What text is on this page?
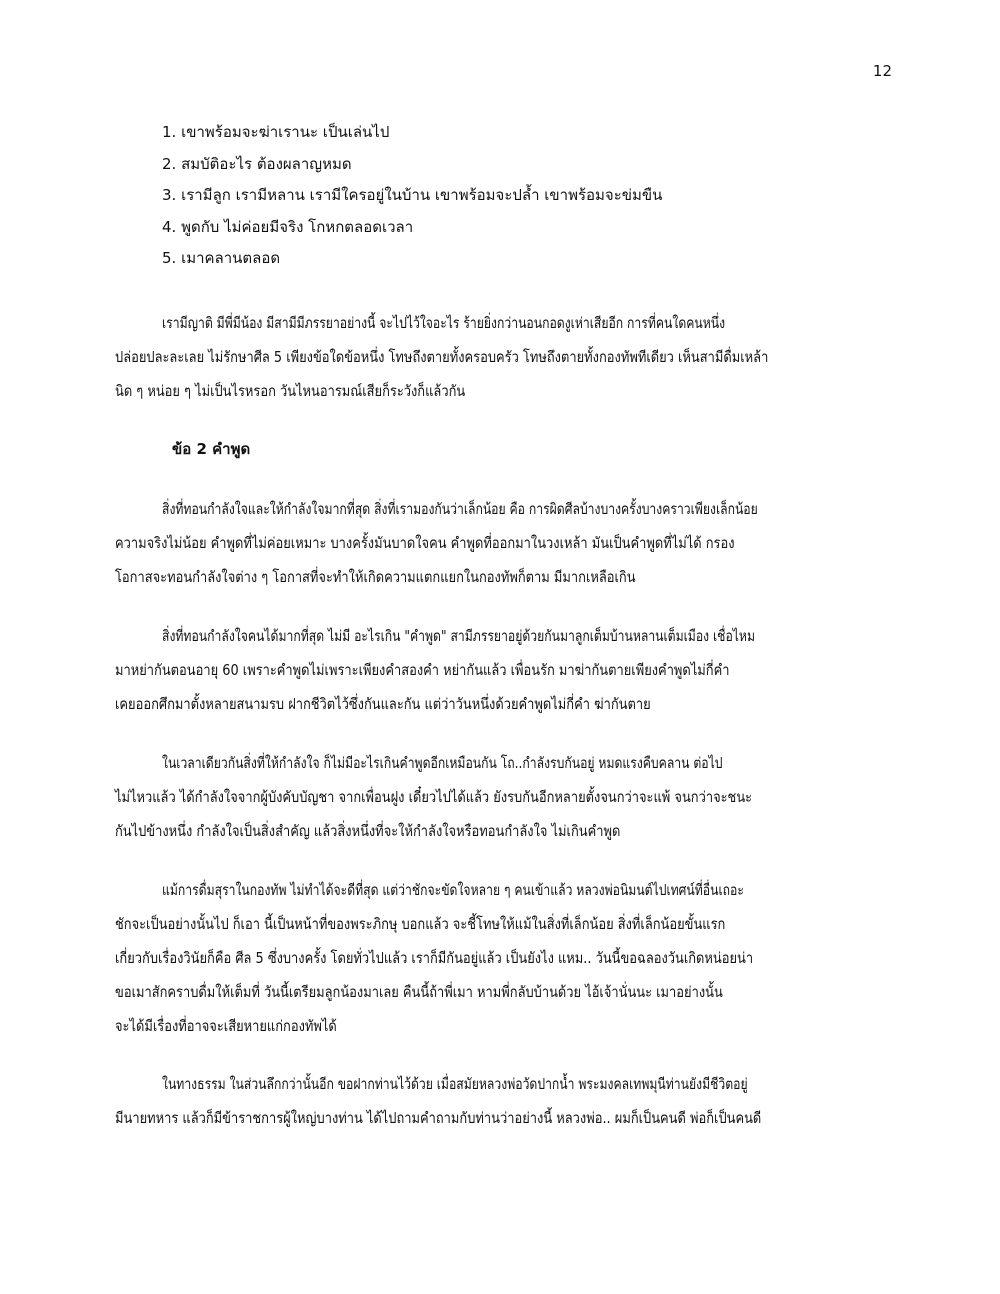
12
1. เขาพร้อมจะฆ่าเรานะ เป็นเล่นไป
2. สมบัติอะไร ต้องผลาญหมด
3. เรามีลูก เรามีหลาน เรามีใครอยู่ในบ้าน เขาพร้อมจะปล้ำ เขาพร้อมจะข่มขืน
4. พูดกับ ไม่ค่อยมีจริง โกหกตลอดเวลา
5. เมาคลานตลอด
เรามีญาติ มีพี่มีน้อง มีสามีมีภรรยาอย่างนี้ จะไปไว้ใจอะไร ร้ายยิ่งกว่านอนกอดงูเห่าเสียอีก การที่คนใดคนหนึ่ง
ปล่อยปละละเลย ไม่รักษาศีล 5 เพียงข้อใดข้อหนึ่ง โทษถึงตายทั้งครอบครัว โทษถึงตายทั้งกองทัพทีเดียว เห็นสามีดื่มเหล้า
นิด ๆ หน่อย ๆ ไม่เป็นไรหรอก วันไหนอารมณ์เสียก็ระวังก็แล้วกัน
ข้อ 2 คำพูด
สิ่งที่ทอนกำลังใจและให้กำลังใจมากที่สุด สิ่งที่เรามองกันว่าเล็กน้อย คือ การผิดศีลบ้างบางครั้งบางคราวเพียงเล็กน้อย
ความจริงไม่น้อย คำพูดที่ไม่ค่อยเหมาะ บางครั้งมันบาดใจคน คำพูดที่ออกมาในวงเหล้า มันเป็นคำพูดที่ไม่ได้ กรอง
โอกาสจะทอนกำลังใจต่าง ๆ โอกาสที่จะทำให้เกิดความแตกแยกในกองทัพก็ตาม มีมากเหลือเกิน
สิ่งที่ทอนกำลังใจคนได้มากที่สุด ไม่มี อะไรเกิน "คำพูด" สามีภรรยาอยู่ด้วยกันมาลูกเต็มบ้านหลานเต็มเมือง เชื่อไหม
มาหย่ากันตอนอายุ 60 เพราะคำพูดไม่เพราะเพียงคำสองคำ หย่ากันแล้ว เพื่อนรัก มาฆ่ากันตายเพียงคำพูดไม่กี่คำ
เคยออกศึกมาตั้งหลายสนามรบ ฝากชีวิตไว้ซึ่งกันและกัน แต่ว่าวันหนึ่งด้วยคำพูดไม่กี่คำ ฆ่ากันตาย
ในเวลาเดียวกันสิ่งที่ให้กำลังใจ ก็ไม่มีอะไรเกินคำพูดอีกเหมือนกัน โถ..กำลังรบกันอยู่ หมดแรงคืบคลาน ต่อไป
ไม่ไหวแล้ว ได้กำลังใจจากผู้บังคับบัญชา จากเพื่อนฝูง เดี๋ยวไปได้แล้ว ยังรบกันอีกหลายตั้งจนกว่าจะแพ้ จนกว่าจะชนะ
กันไปข้างหนึ่ง กำลังใจเป็นสิ่งสำคัญ แล้วสิ่งหนึ่งที่จะให้กำลังใจหรือทอนกำลังใจ ไม่เกินคำพูด
แม้การดื่มสุราในกองทัพ ไม่ทำได้จะดีที่สุด แต่ว่าชักจะขัดใจหลาย ๆ คนเข้าแล้ว หลวงพ่อนิมนต์ไปเทศน์ที่อื่นเถอะ
ชักจะเป็นอย่างนั้นไป ก็เอา นี้เป็นหน้าที่ของพระภิกษุ บอกแล้ว จะชี้โทษให้แม้ในสิ่งที่เล็กน้อย สิ่งที่เล็กน้อยขั้นแรก
เกี่ยวกับเรื่องวินัยก็คือ ศีล 5 ซึ่งบางครั้ง โดยทั่วไปแล้ว เราก็มีกันอยู่แล้ว เป็นยังไง แหม.. วันนี้ขอฉลองวันเกิดหน่อยน่า
ขอเมาสักคราบดื่มให้เต็มที่ วันนี้เตรียมลูกน้องมาเลย คืนนี้ถ้าพี่เมา หามพี่กลับบ้านด้วย ไอ้เจ้านั่นนะ เมาอย่างนั้น
จะได้มีเรื่องที่อาจจะเสียหายแก่กองทัพได้
ในทางธรรม ในส่วนลึกกว่านั้นอีก ขอฝากท่านไว้ด้วย เมื่อสมัยหลวงพ่อวัดปากน้ำ พระมงคลเทพมุนีท่านยังมีชีวิตอยู่
มีนายทหาร แล้วก็มีข้าราชการผู้ใหญ่บางท่าน ได้ไปถามคำถามกับท่านว่าอย่างนี้ หลวงพ่อ.. ผมก็เป็นคนดี พ่อก็เป็นคนดี
